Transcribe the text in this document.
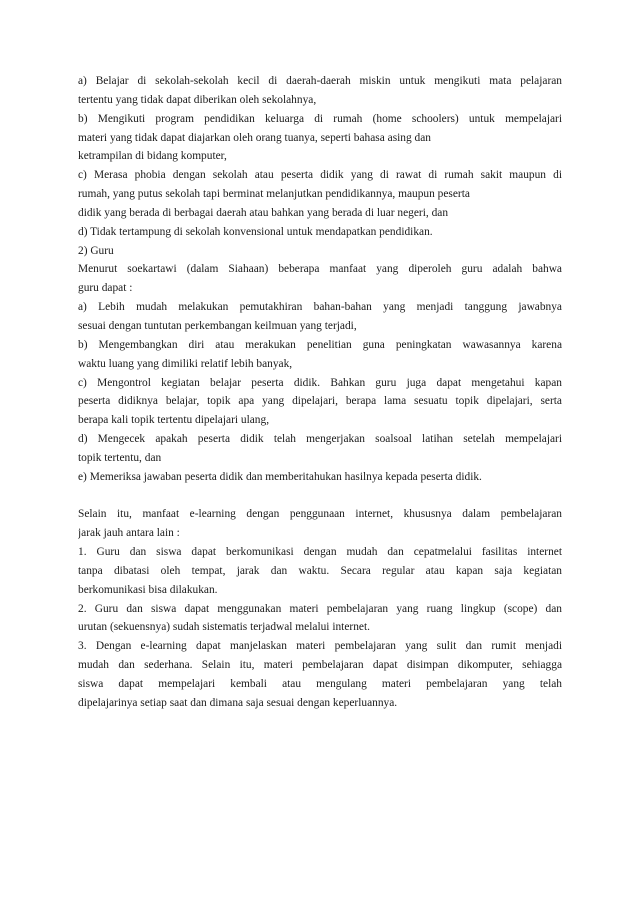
a) Belajar di sekolah-sekolah kecil di daerah-daerah miskin untuk mengikuti mata pelajaran
tertentu yang tidak dapat diberikan oleh sekolahnya,
b) Mengikuti program pendidikan keluarga di rumah (home schoolers) untuk mempelajari
materi yang tidak dapat diajarkan oleh orang tuanya, seperti bahasa asing dan
ketrampilan di bidang komputer,
c) Merasa phobia dengan sekolah atau peserta didik yang di rawat di rumah sakit maupun di
rumah, yang putus sekolah tapi berminat melanjutkan pendidikannya, maupun peserta
didik yang berada di berbagai daerah atau bahkan yang berada di luar negeri, dan
d) Tidak tertampung di sekolah konvensional untuk mendapatkan pendidikan.
2) Guru
Menurut soekartawi (dalam Siahaan) beberapa manfaat yang diperoleh guru adalah bahwa
guru dapat :
a) Lebih mudah melakukan pemutakhiran bahan-bahan yang menjadi tanggung jawabnya
sesuai dengan tuntutan perkembangan keilmuan yang terjadi,
b) Mengembangkan diri atau merakukan penelitian guna peningkatan wawasannya karena
waktu luang yang dimiliki relatif lebih banyak,
c) Mengontrol kegiatan belajar peserta didik. Bahkan guru juga dapat mengetahui kapan
peserta didiknya belajar, topik apa yang dipelajari, berapa lama sesuatu topik dipelajari, serta
berapa kali topik tertentu dipelajari ulang,
d) Mengecek apakah peserta didik telah mengerjakan soalsoal latihan setelah mempelajari
topik tertentu, dan
e) Memeriksa jawaban peserta didik dan memberitahukan hasilnya kepada peserta didik.
Selain itu, manfaat e-learning dengan penggunaan internet, khususnya dalam pembelajaran
jarak jauh antara lain :
1. Guru dan siswa dapat berkomunikasi dengan mudah dan cepatmelalui fasilitas internet
tanpa dibatasi oleh tempat, jarak dan waktu. Secara regular atau kapan saja kegiatan
berkomunikasi bisa dilakukan.
2. Guru dan siswa dapat menggunakan materi pembelajaran yang ruang lingkup (scope) dan
urutan (sekuensnya) sudah sistematis terjadwal melalui internet.
3. Dengan e-learning dapat manjelaskan materi pembelajaran yang sulit dan rumit menjadi
mudah dan sederhana. Selain itu, materi pembelajaran dapat disimpan dikomputer, sehiagga
siswa dapat mempelajari kembali atau mengulang materi pembelajaran yang telah
dipelajarinya setiap saat dan dimana saja sesuai dengan keperluannya.
